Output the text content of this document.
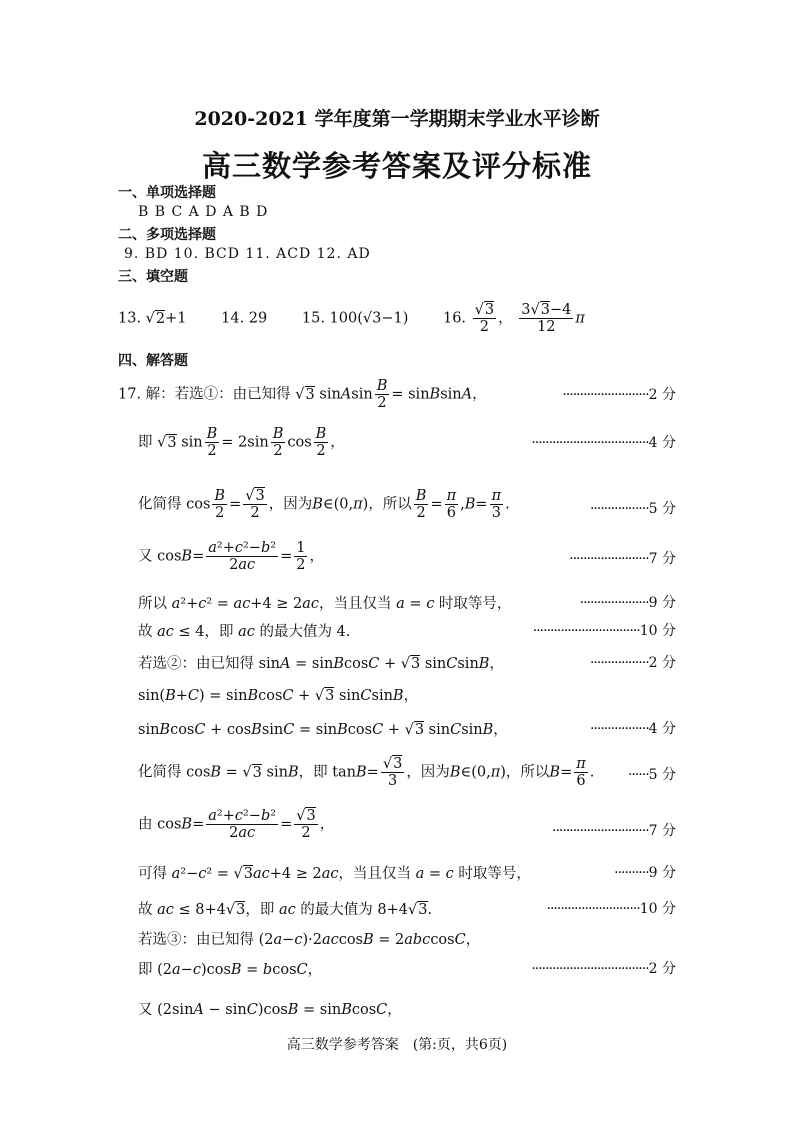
2020-2021 学年度第一学期期末学业水平诊断
高三数学参考答案及评分标准
一、单项选择题
B B C A D A B D
二、多项选择题
9. BD 10. BCD 11. ACD 12. AD
三、填空题
13. √2+1 14. 29 15. 100(√3−1) 16. $\frac{√3}{2}$ ， $\frac{3√3-4}{12}$ π
四、解答题
17. 解：若选①：由已知得 √3 sinAsin $\frac{B}{2}$ = sinBsinA，	·························2 分
即 √3 $\sin \frac{B}{2} = 2\sin \frac{B}{2}$ $\cos \frac{B}{2}$ ，	··································4 分
化简得 $\cos \frac{B}{2} = \frac{√3}{2}$ ，因为B∈(0,π)，所以 $\frac{B}{2} = \frac{\pi}{6} ,B= \frac{\pi}{3}$ .	·················5 分
又 $\cos B= \frac{\text{a²+c²−b²}}{2ac} = \frac{1}{2}$ ，	·······················7 分
所以 a²+c² = ac+4 ≥ 2ac，当且仅当 a = c 时取等号，	····················9 分
故 ac ≤ 4，即 ac 的最大值为 4.	·······························10 分
若选②：由已知得 sinA = sinBcosC + √3 sinCsinB，	·················2 分
sin(B+C) = sinBcosC + √3 sinCsinB，
sinBcosC + cosBsinC = sinBcosC + √3 sinCsinB，	·················4 分
化简得 cosB = √3 sinB，即 $\tan B= \frac{√3}{3}$ ，因为B∈(0,π)，所以$B= \frac{\pi}{6}$ .	······5 分
由 $\cos B= \frac{\text{a²+c²−b²}}{2ac} = \frac{√3}{2}$ ，	····························7 分
可得 a²−c² = √3ac+4 ≥ 2ac，当且仅当 a = c 时取等号，	··········9 分
故 ac ≤ 8+4√3，即 ac 的最大值为 8+4√3.	···························10 分
若选③：由已知得 (2a−c)·2accosB = 2abccosC，
即 (2a−c)cosB = bcosC，	··································2 分
又 (2sinA − sinC)cosB = sinBcosC，
高三数学参考答案　(第:页，共6页)
